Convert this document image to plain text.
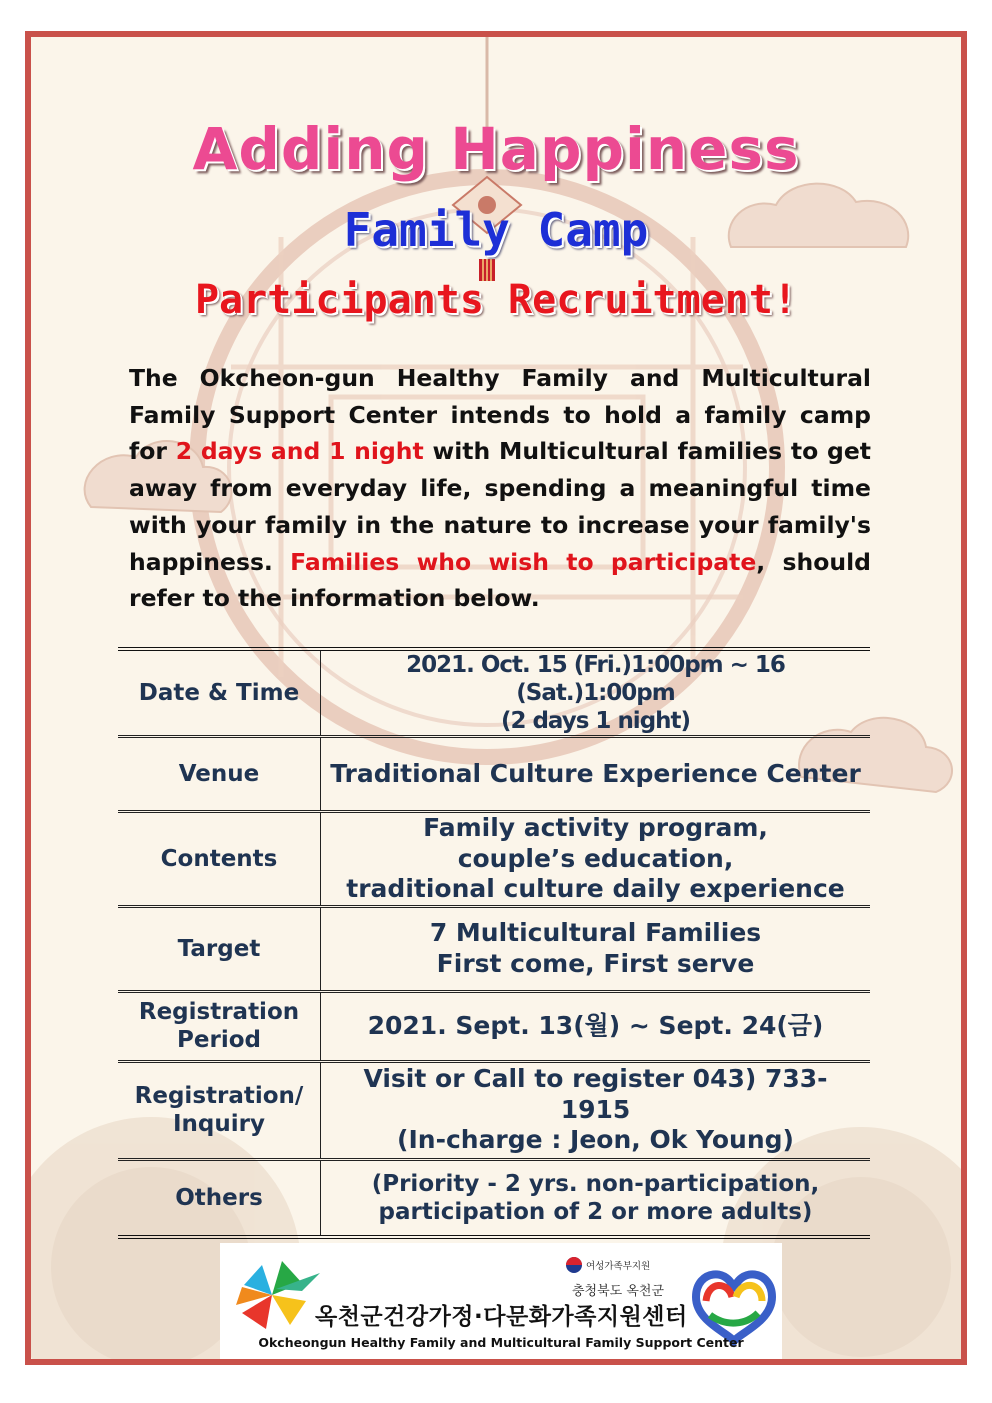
Adding Happiness
Family Camp
Participants Recruitment!

The Okcheon-gun Healthy Family and Multicultural Family Support Center intends to hold a family camp for 2 days and 1 night with Multicultural families to get away from everyday life, spending a meaningful time with your family in the nature to increase your family's happiness. Families who wish to participate, should refer to the information below.

Date & Time	2021. Oct. 15 (Fri.)1:00pm ~ 16 (Sat.)1:00pm
(2 days 1 night)
Venue	Traditional Culture Experience Center
Contents	Family activity program,
couple’s education,
traditional culture daily experience
Target	7 Multicultural Families
First come, First serve
Registration
Period	2021. Sept. 13(월) ~ Sept. 24(금)
Registration/
Inquiry	Visit or Call to register 043) 733-1915
(In-charge : Jeon, Ok Young)
Others	(Priority - 2 yrs. non-participation,
participation of 2 or more adults)
여성가족부지원
충청북도 옥천군
옥천군건강가정·다문화가족지원센터
Okcheongun Healthy Family and Multicultural Family Support Center
